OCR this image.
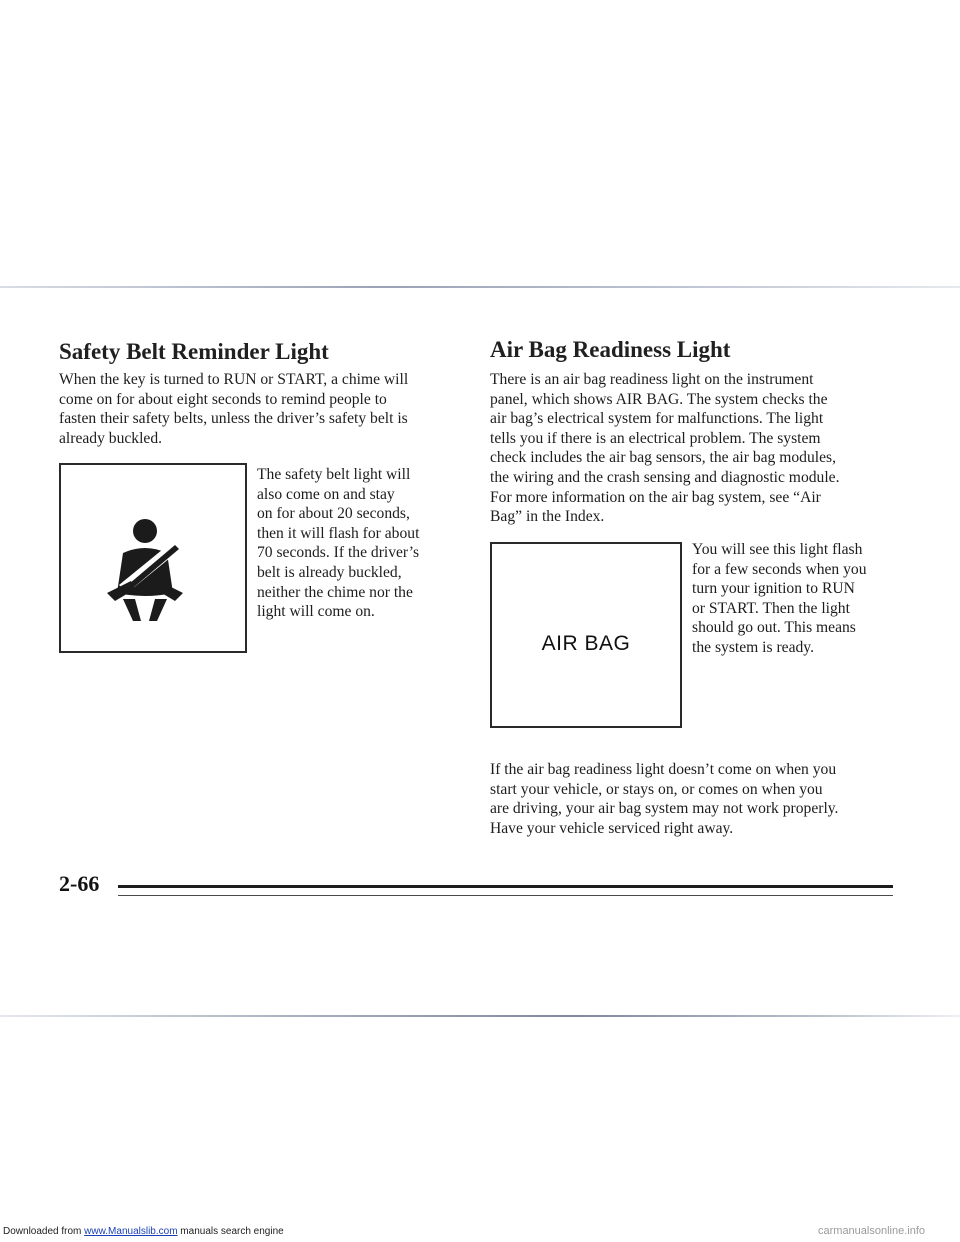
Safety Belt Reminder Light

When the key is turned to RUN or START, a chime will

come on for about eight seconds to remind people to

fasten their safety belts, unless the driver’s safety belt is

already buckled.

The safety belt light will

also come on and stay

on for about 20 seconds,

then it will flash for about

70 seconds. If the driver’s

belt is already buckled,

neither the chime nor the

light will come on.

Air Bag Readiness Light

There is an air bag readiness light on the instrument

panel, which shows AIR BAG. The system checks the

air bag’s electrical system for malfunctions. The light

tells you if there is an electrical problem. The system

check includes the air bag sensors, the air bag modules,

the wiring and the crash sensing and diagnostic module.

For more information on the air bag system, see “Air

Bag” in the Index.

AIR BAG

You will see this light flash

for a few seconds when you

turn your ignition to RUN

or START. Then the light

should go out. This means

the system is ready.

If the air bag readiness light doesn’t come on when you

start your vehicle, or stays on, or comes on when you

are driving, your air bag system may not work properly.

Have your vehicle serviced right away.

2-66
Downloaded from www.Manualslib.com manuals search engine	carmanualsonline.info
